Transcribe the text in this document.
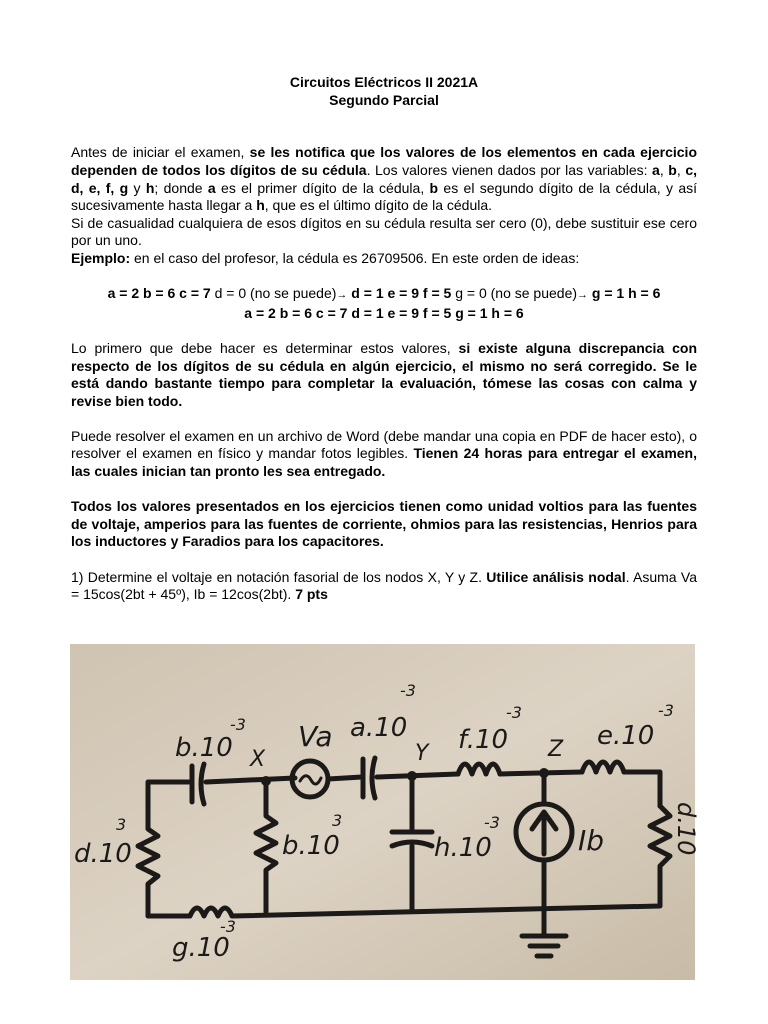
Circuitos Eléctricos II 2021A

Segundo Parcial

Antes de iniciar el examen, se les notifica que los valores de los elementos en cada ejercicio dependen de todos los dígitos de su cédula. Los valores vienen dados por las variables: a, b, c, d, e, f, g y h; donde a es el primer dígito de la cédula, b es el segundo dígito de la cédula, y así sucesivamente hasta llegar a h, que es el último dígito de la cédula.

Si de casualidad cualquiera de esos dígitos en su cédula resulta ser cero (0), debe sustituir ese cero por un uno.

Ejemplo: en el caso del profesor, la cédula es 26709506. En este orden de ideas:

a = 2 b = 6 c = 7 d = 0 (no se puede)→ d = 1 e = 9 f = 5 g = 0 (no se puede)→ g = 1 h = 6

a = 2 b = 6 c = 7 d = 1 e = 9 f = 5 g = 1 h = 6

Lo primero que debe hacer es determinar estos valores, si existe alguna discrepancia con respecto de los dígitos de su cédula en algún ejercicio, el mismo no será corregido. Se le está dando bastante tiempo para completar la evaluación, tómese las cosas con calma y revise bien todo.

Puede resolver el examen en un archivo de Word (debe mandar una copia en PDF de hacer esto), o resolver el examen en físico y mandar fotos legibles. Tienen 24 horas para entregar el examen, las cuales inician tan pronto les sea entregado.

Todos los valores presentados en los ejercicios tienen como unidad voltios para las fuentes de voltaje, amperios para las fuentes de corriente, ohmios para las resistencias, Henrios para los inductores y Faradios para los capacitores.

1) Determine el voltaje en notación fasorial de los nodos X, Y y Z. Utilice análisis nodal. Asuma Va = 15cos(2bt + 45º), Ib = 12cos(2bt). 7 pts

b.10
-3
X
Va a.10
-3
Y f.10
-3
Z e.10
-3
d.10
3
b.10
3
h.10
-3
Ib
g.10
-3
d.10
